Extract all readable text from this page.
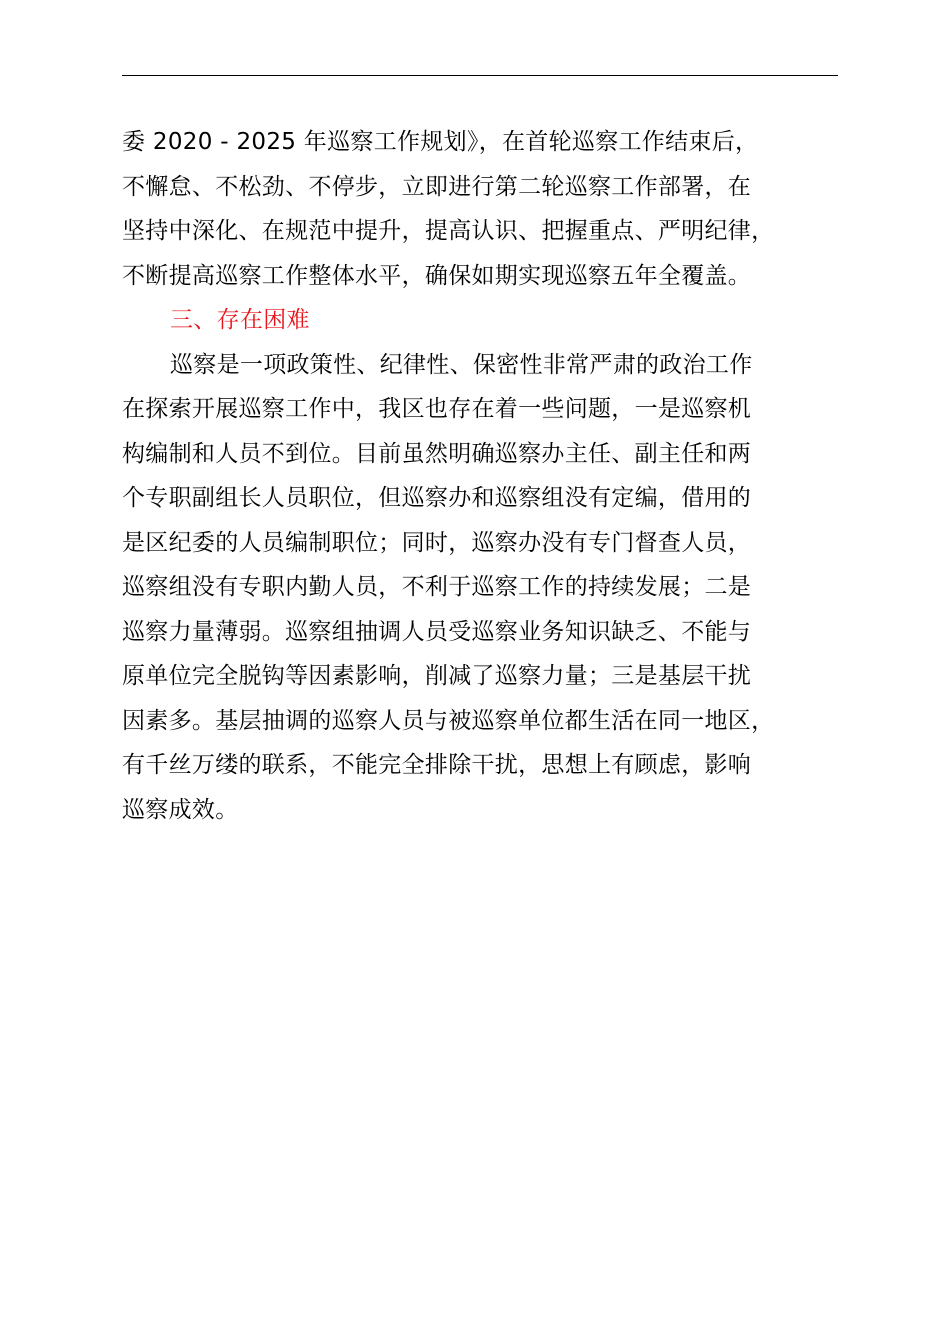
委 2020 - 2025 年巡察工作规划》，在首轮巡察工作结束后，
不懈怠、不松劲、不停步，立即进行第二轮巡察工作部署，在
坚持中深化、在规范中提升，提高认识、把握重点、严明纪律，
不断提高巡察工作整体水平，确保如期实现巡察五年全覆盖。
三、存在困难
巡察是一项政策性、纪律性、保密性非常严肃的政治工作
在探索开展巡察工作中，我区也存在着一些问题，一是巡察机
构编制和人员不到位。目前虽然明确巡察办主任、副主任和两
个专职副组长人员职位，但巡察办和巡察组没有定编，借用的
是区纪委的人员编制职位；同时，巡察办没有专门督查人员，
巡察组没有专职内勤人员，不利于巡察工作的持续发展；二是
巡察力量薄弱。巡察组抽调人员受巡察业务知识缺乏、不能与
原单位完全脱钩等因素影响，削减了巡察力量；三是基层干扰
因素多。基层抽调的巡察人员与被巡察单位都生活在同一地区，
有千丝万缕的联系，不能完全排除干扰，思想上有顾虑，影响
巡察成效。
